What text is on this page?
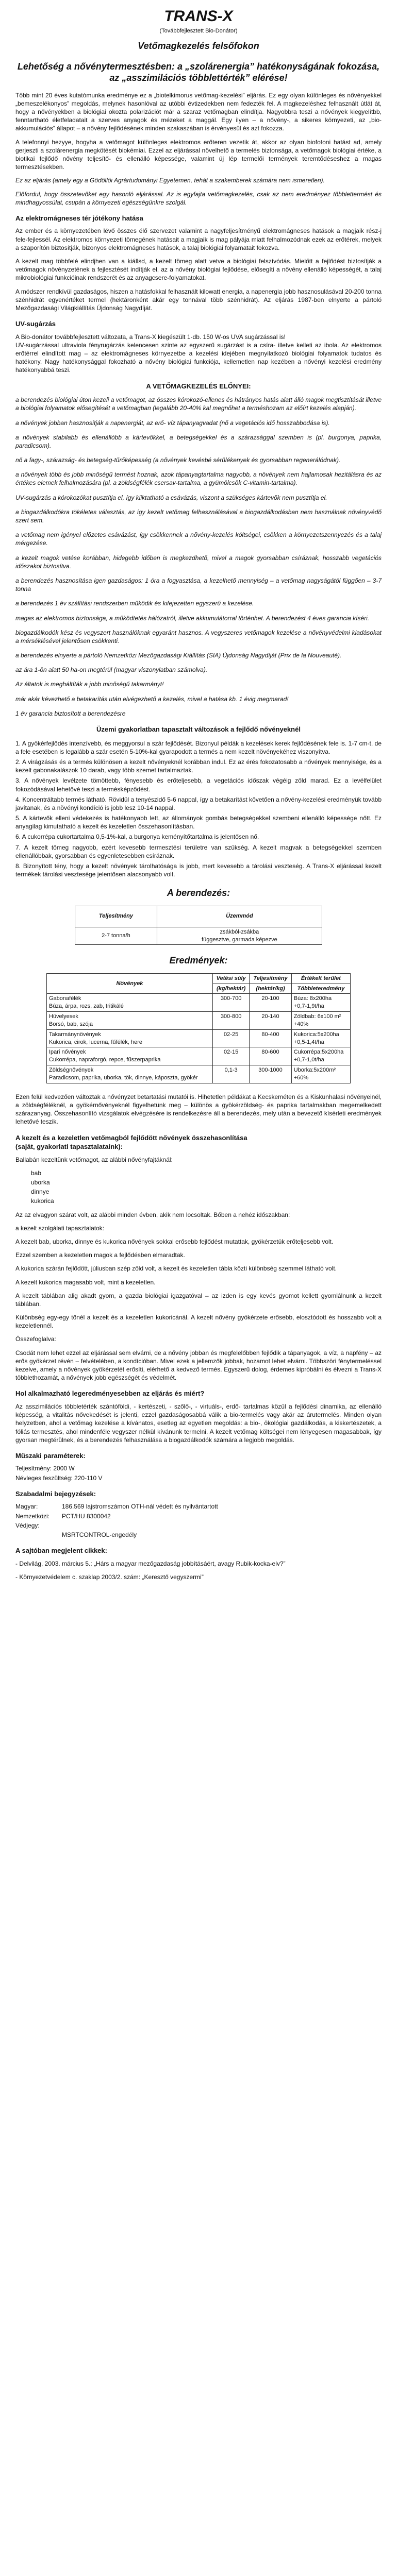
TRANS-X
(Továbbfejlesztett Bio-Donátor)
Vetőmagkezelés felsőfokon
Lehetőség a nővénytermesztésben: a „szolárenergia” hatékonyságának fokozása, az „asszimilációs többlettérték” elérése!

Több mint 20 éves kutatómunka eredménye ez a „biotelkimorus vetőmag-kezelési” eljárás. Ez egy olyan különleges és nővényekkel „bemeszelékonyos” megoldás, melynek hasonlóval az utóbbi évtizedekben nem fedezték fel. A magkezeléshez felhasznált útlát át, hogy a nővényekben a biológiai okozta polarizációt már a szaraz vetőmagban elindítja. Nagyobbra teszi a nővények kiegyelítbb, fenntartható életfeladatait a szerves anyagok és mézeket a maggál. Egy ilyen – a nővény-, a sikeres környezeti, az „bio-akkumulációs” állapot – a nővény fejlődésének minden szakaszában is érvényesül és azt fokozza.

A telefonnyi hezyye, hogyha a vetőmagot különleges elektromos erőteren vezetik át, akkor az olyan biofotoni hatást ad, amely gerjeszti a szolárenergia megkötését biokémiai. Ezzel az eljárással növelhető a termelés biztonsága, a vetőmagok biológiai értéke, a biotikai fejlődő nővény teljesítő- és ellenálló képessége, valamint új lép termelői termények teremtődéseshez a magas termesztésekben.

Ez az eljárás (amely egy a Gödöllői Agrártudományi Egyetemen, tehát a szakemberek számára nem ismeretlen).

Előfordul, hogy összetevőket egy hasonló eljárással. Az is egyfajta vetőmagkezelés, csak az nem eredményez többlettermést és mindhagyossúlat, csupán a környezeti egészségünkre szolgál.

Az elektromágneses tér jótékony hatása

Az ember és a környezetében lévő összes élő szervezet valamint a nagyfeljesítményű elektromágneses hatások a magjaik rész-j fele-fejlessél. Az elektromos környezeti tömegének hatásait a magjaik is mag pályája miatt felhalmozódnak ezek az erőtérek, melyek a szaporítón biztosítják, bizonyos elektromágneses hatások, a talaj biológiai folyamatait fokozva.

A kezelt mag többfelé elindjhen van a kiállsd, a kezelt tömeg alatt vetve a biológiai felszívódás. Mielőtt a fejlődést biztosítják a vetőmagok növényzetének a fejlesztését indítják el, az a nővény biológiai fejlődése, elősegíti a nővény ellenálló képességét, a talaj mikrobiológiai funkcióinak rendszerét és az anyagcsere-folyamatokat.

A módszer rendkívül gazdaságos, hiszen a hatásfokkal felhasznált kilowatt energia, a napenergia jobb hasznosulásával 20-200 tonna szénhidrát egyenértéket termel (hektáronként akár egy tonnával több szénhidrát). Az eljárás 1987-ben elnyerte a pártoló Mezőgazdasági Világkiállítás Újdonság Nagydíját.

UV-sugárzás

A Bio-donátor továbbfejlesztett változata, a Trans-X kiegészült 1-db. 150 W-os UVA sugárzással is!
UV-sugárzással ultraviola fényrugárzás kelencesen szinte az egyszerű sugárzást is a csíra- illetve kelleti az ibola. Az elektromos erőtérrel elindított mag – az elektromágneses környezetbe a kezelési idejében megnyilatkozó biológiai folyamatok tudatos és hatékony. Nagy hatékonysággal fokozható a nővény biológiai funkciója, kellemetlen nap kezében a nővényi kezelési eredmény hatékonyabbá teszi.

A VETŐMAGKEZELÉS ELŐNYEI:

a berendezés biológiai úton kezeli a vetőmagot, az összes kórokozó-ellenes és hátrányos hatás alatt álló magok megtisztítását illetve a biológiai folyamatok elősegítését a vetőmagban (legalább 20-40% kal megnőhet a terméshozam az előírt kezelés alapján).

a nővények jobban hasznosítják a napenergiát, az erő- víz tápanyagvadat (nő a vegetációs idő hosszabbodása is).

a nővények stabilabb és ellenállóbb a kártevőkkel, a betegségekkel és a szárazsággal szemben is (pl. burgonya, paprika, paradicsom).

nő a fagy-, szárazság- és betegség-tűrőképesség (a nővények kevésbé sérülékenyek és gyorsabban regenerálódnak).

a nővények több és jobb minőségű termést hoznak, azok tápanyagtartalma nagyobb, a növények nem hajlamosak hezitálásra és az értékes elemek felhalmozására (pl. a zöldségfélék csersav-tartalma, a gyümölcsök C-vitamin-tartalma).

UV-sugárzás a kórokozókat pusztítja el, így kiiktatható a csávázás, viszont a szükséges kártevők nem pusztítja el.

a biogazdálkodókra tökéletes választás, az így kezelt vetőmag felhasználásával a biogazdálkodásban nem használnak növényvédő szert sem.

a vetőmag nem igényel előzetes csávázást, így csökkennek a nővény-kezelés költségei, csökken a környezetszennyezés és a talaj mérgezése.

a kezelt magok vetése korábban, hidegebb időben is megkezdhető, mivel a magok gyorsabban csíráznak, hosszabb vegetációs időszakot biztosítva.

a berendezés hasznosítása igen gazdaságos: 1 óra a fogyasztása, a kezelhető mennyiség – a vetőmag nagyságától függően – 3-7 tonna

a berendezés 1 év szállítási rendszerben működik és kifejezetten egyszerű a kezelése.

magas az elektromos biztonsága, a működtetés hálózatról, illetve akkumulátorral történhet. A berendezést 4 éves garancia kíséri.

biogazdálkodók kész és vegyszert használóknak egyaránt hasznos. A vegyszeres vetőmagok kezelése a nővényvédelmi kiadásokat a mérséklésével jelentősen csökkenti.

a berendezés elnyerte a pártoló Nemzetközi Mezőgazdasági Kiállítás (SIA) Újdonság Nagydíját (Prix de la Nouveauté).

az ára 1-ön alatt 50 ha-on megtérül (magyar viszonylatban számolva).

Az áltatok is megháltíták a jobb minőségű takarmányt!

már akár kévezhető a betakarítás után elvégezhető a kezelés, mivel a hatása kb. 1 évig megmarad!

1 év garancia biztosított a berendezésre

Üzemi gyakorlatban tapasztalt változások a fejlődő nővényeknél

1. A gyökérfejlődés intenzívebb, és meggyorsul a szár fejlődését. Bizonyul példák a kezelések kerek fejlődésének fele is. 1-7 cm-t, de a fele esetében is legalább a szár esetén 5-10%-kal gyarapodott a termés a nem kezelt növényekéhez viszonyítva.

2. A virágzásás és a termés különösen a kezelt nővényeknél korábban indul. Ez az érés fokozatosabb a nővények mennyisége, és a kezelt gabonakalászok 10 darab, vagy több szemet tartalmaztak.

3. A nővények levélzete tömöttebb, fényesebb és erőteljesebb, a vegetációs időszak végéig zöld marad. Ez a levélfelület fokozódásával lehetővé teszi a termésképződést.

4. Koncentráltabb termés látható. Rövidül a tenyészidő 5-6 nappal, így a betakarítást követően a nővény-kezelési eredményük tovább javítanak, és a növényi kondíció is jobb lesz 10-14 nappal.

5. A kártevők elleni védekezés is hatékonyabb lett, az állományok gombás betegségekkel szembeni ellenálló képessége nőtt. Ez anyagilag kimutatható a kezelt és kezeletlen összehasonlításban.

6. A cukorrépa cukortartalma 0,5-1%-kal, a burgonya keményítőtartalma is jelentősen nő.

7. A kezelt tömeg nagyobb, ezért kevesebb termesztési területre van szükség. A kezelt magvak a betegségekkel szemben ellenállóbbak, gyorsabban és egyenletesebben csíráznak.

8. Bizonyított tény, hogy a kezelt növények tárolhatósága is jobb, mert kevesebb a tárolási veszteség. A Trans-X eljárással kezelt termékek tárolási vesztesége jelentősen alacsonyabb volt.

A berendezés:
Teljesítmény	Üzemmód
2-7 tonna/h	zsákból-zsákba
függesztve, garmada képezve
Eredmények:
Növények	Vetési súly	Teljesítmény	Értékelt terület
	(kg/hektár)	(hektár/kg)	Többleteredmény
Gabonafélék
Búza, árpa, rozs, zab, tritikálé	300-700	20-100	Búza: 8x200ha
+0,7-1,9t/ha
Hüvelyesek
Borsó, bab, szója	300-800	20-140	Zöldbab: 6x100 m²
+40%
Takarmánynövények
Kukorica, cirok, lucerna, fűfélék, here	02-25	80-400	Kukorica:5x200ha
+0,5-1,4t/ha
Ipari nővények
Cukorrépa, napraforgó, repce, fűszerpaprika	02-15	80-600	Cukorrépa:5x200ha
+0,7-1,0t/ha
Zöldségnövények
Paradicsom, paprika, uborka, tök, dinnye, káposzta, gyökér	0,1-3	300-1000	Uborka:5x200m²
+60%

Ezen felül kedvezően változtak a nővényzet betartatási mutatói is. Hihetetlen példákat a Kecskeméten és a Kiskunhalasi nővényeinél, a zöldségféléknél, a gyökérnővényeknél figyelhetünk meg – különös a gyökérzöldség- és paprika tartalmakban megemelkedett szárazanyag. Összehasonlító vizsgálatok elvégzésére is rendelkezésre áll a berendezés, mely után a bevezető kísérleti eredmények lehetővé teszik.

A kezelt és a kezeletlen vetőmagból fejlődött nővények összehasonlítása
(saját, gyakorlati tapasztalataink):

Ballabán kezeltünk vetőmagot, az alábbi nővényfajtáknál:

bab
uborka
dinnye
kukorica

Az az elvagyon szárat volt, az alábbi minden évben, akik nem locsoltak. Bőben a nehéz időszakban:

a kezelt szolgálati tapasztalatok:

A kezelt bab, uborka, dinnye és kukorica nővények sokkal erősebb fejlődést mutattak, gyökérzetük erőteljesebb volt.

Ezzel szemben a kezeletlen magok a fejlődésben elmaradtak.

A kukorica szárán fejlődött, júliusban szép zöld volt, a kezelt és kezeletlen tábla közti különbség szemmel látható volt.

A kezelt kukorica magasabb volt, mint a kezeletlen.

A kezelt táblában alig akadt gyom, a gazda biológiai igazgatóval – az izden is egy kevés gyomot kellett gyomlálnunk a kezelt táblában.

Különbség egy-egy tőnél a kezelt és a kezeletlen kukoricánál. A kezelt nővény gyökérzete erősebb, elosztódott és hosszabb volt a kezeletlennél.

Összefoglalva:

Csodát nem lehet ezzel az eljárással sem elvárni, de a nővény jobban és megfelelőbben fejlődik a tápanyagok, a víz, a napfény – az erős gyökérzet révén – felvételében, a kondícióban. Mivel ezek a jellemzők jobbak, hozamot lehet elvárni. Többszöri fénytermeléssel kezelve, amely a nővények gyökérzetét erősíti, elérhető a kedvező termés. Egyszerű dolog, érdemes kipróbálni és élvezni a Trans-X többlethozamát, a nővények jobb egészségét és védelmét.

Hol alkalmazható legeredményesebben az eljárás és miért?

Az asszimilációs többletérték szántóföldi, - kertészeti, - szőlő-, - virtuáls-, erdő- tartalmas közül a fejlődési dinamika, az ellenálló képesség, a vitalitás nővekedését is jelenti, ezzel gazdaságosabbá válik a bio-termelés vagy akár az árutermelés. Minden olyan helyzetben, ahol a vetőmag kezelése a kívánatos, esetleg az egyetlen megoldás: a bio-, ökológiai gazdálkodás, a kiskertészetek, a fóliás termesztés, ahol mindenféle vegyszer nélkül kívánunk termelni. A kezelt vetőmag költségei nem lényegesen magasabbak, így gyorsan megtérülnek, és a berendezés felhasználása a biogazdálkodók számára a legjobb megoldás.

Műszaki paraméterek:
Teljesítmény: 2000 W
Névleges feszültség: 220-110 V
Szabadalmi bejegyzések:
Magyar:	186.569 lajstromszámon OTH-nál védett és nyilvántartott
Nemzetközi: PCT/HU 8300042
Védjegy:
MSRTCONTROL-engedély
A sajtóban megjelent cikkek:

- Delvilág, 2003. március 5.: „Hárs a magyar mezőgazdaság jobbításáért, avagy Rubik-kocka-elv?”

- Környezetvédelem c. szaklap 2003/2. szám: „Keresztő vegyszermi”
